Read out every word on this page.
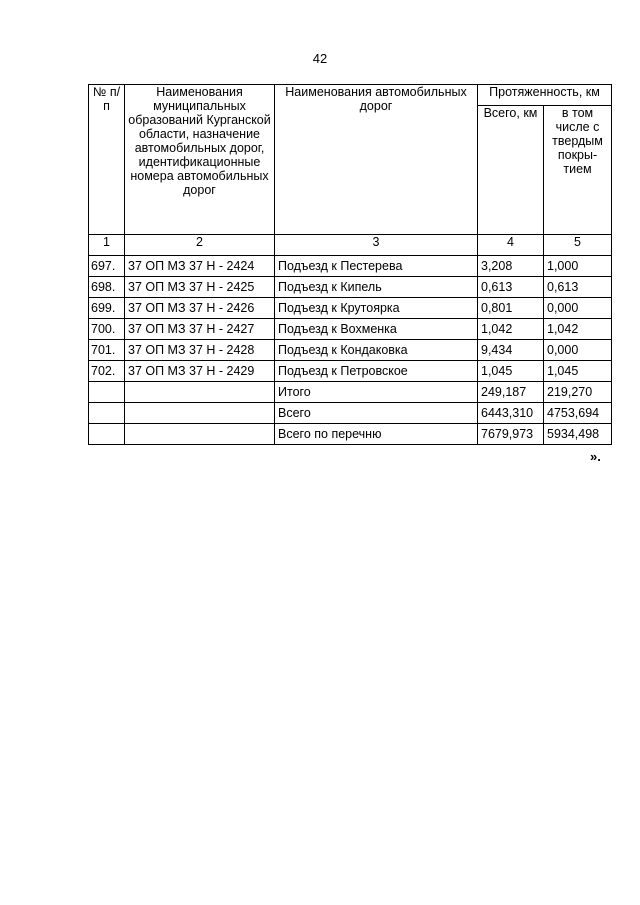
42
№ п/п	Наименования муниципальных образований Курганской области, назначение автомобильных дорог, идентификационные номера автомобильных дорог	Наименования автомобильных дорог	Протяженность, км	
			Всего, км	в том числе с твердым покры-тием
1	2	3	4	5
697.	37 ОП МЗ 37 Н - 2424	Подъезд к Пестерева	3,208	1,000
698.	37 ОП МЗ 37 Н - 2425	Подъезд к Кипель	0,613	0,613
699.	37 ОП МЗ 37 Н - 2426	Подъезд к Крутоярка	0,801	0,000
700.	37 ОП МЗ 37 Н - 2427	Подъезд к Вохменка	1,042	1,042
701.	37 ОП МЗ 37 Н - 2428	Подъезд к Кондаковка	9,434	0,000
702.	37 ОП МЗ 37 Н - 2429	Подъезд к Петровское	1,045	1,045
		Итого	249,187	219,270
		Всего	6443,310	4753,694
		Всего по перечню	7679,973	5934,498
».
